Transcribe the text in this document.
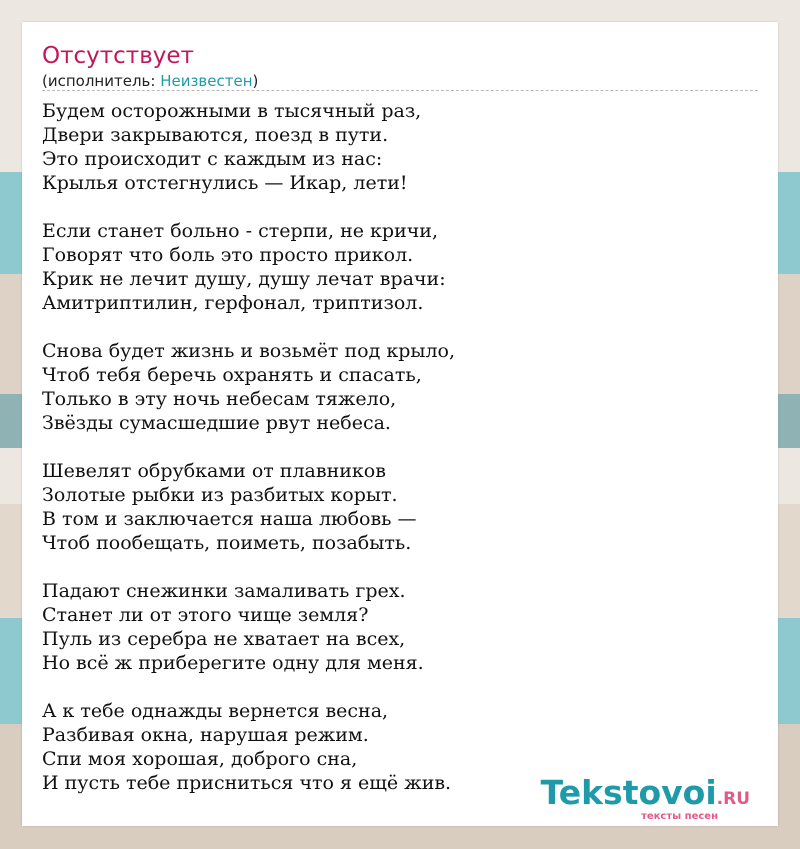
Отсутствует
(исполнитель: Неизвестен)
Будем осторожными в тысячный раз,
Двери закрываются, поезд в пути.
Это происходит с каждым из нас:
Крылья отстегнулись — Икар, лети!
Если станет больно - стерпи, не кричи,
Говорят что боль это просто прикол.
Крик не лечит душу, душу лечат врачи:
Амитриптилин, герфонал, триптизол.
Снова будет жизнь и возьмёт под крыло,
Чтоб тебя беречь охранять и спасать,
Только в эту ночь небесам тяжело,
Звёзды сумасшедшие рвут небеса.
Шевелят обрубками от плавников
Золотые рыбки из разбитых корыт.
В том и заключается наша любовь —
Чтоб пообещать, поиметь, позабыть.
Падают снежинки замаливать грех.
Станет ли от этого чище земля?
Пуль из серебра не хватает на всех,
Но всё ж приберегите одну для меня.
А к тебе однажды вернется весна,
Разбивая окна, нарушая режим.
Спи моя хорошая, доброго сна,
И пусть тебе присниться что я ещё жив.	Tekstovoi.RU
тексты песен
